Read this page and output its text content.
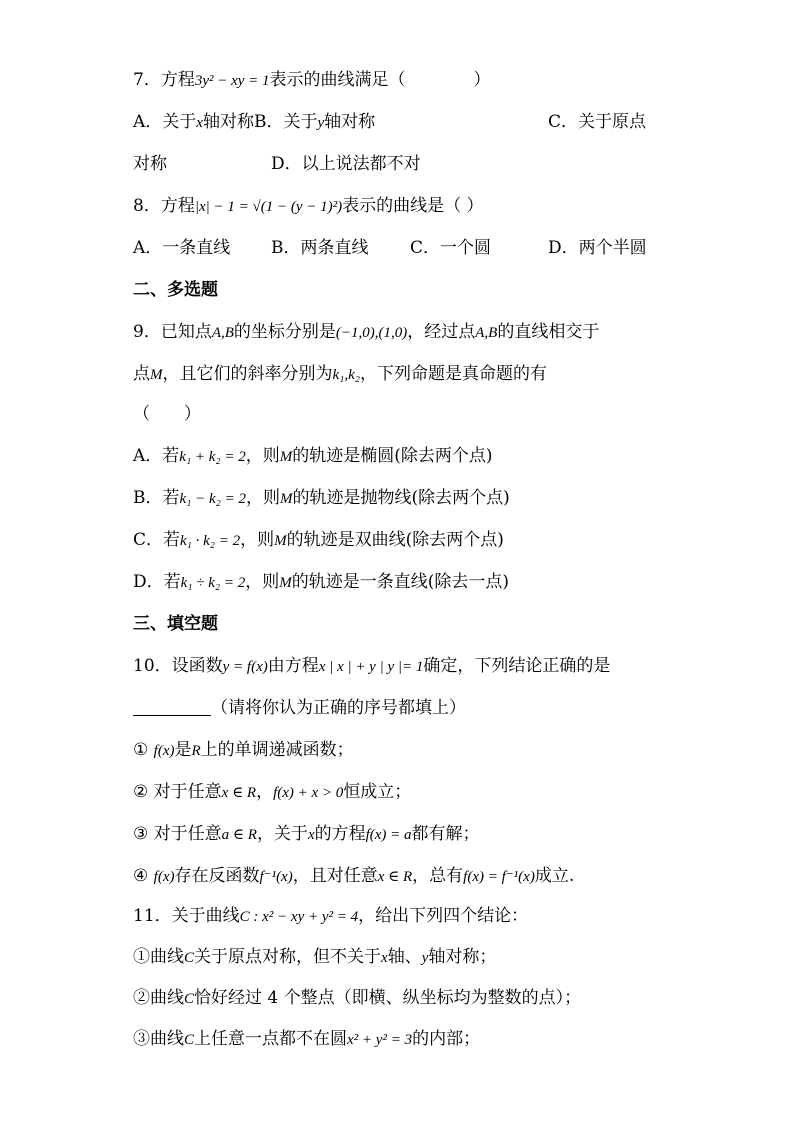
7．方程3y² − xy = 1表示的曲线满足（　　　　）
A．关于x轴对称B．关于y轴对称	C．关于原点
对称	D．以上说法都不对
8．方程|x| − 1 = √(1 − (y − 1)²)表示的曲线是（ ）
A．一条直线 B．两条直线 C．一个圆	D．两个半圆
二、多选题
9．已知点A,B的坐标分别是(−1,0),(1,0)，经过点A,B的直线相交于
点M，且它们的斜率分别为k₁,k₂，下列命题是真命题的有
（　　）
A．若k₁ + k₂ = 2，则M的轨迹是椭圆(除去两个点)
B．若k₁ − k₂ = 2，则M的轨迹是抛物线(除去两个点)
C．若k₁ · k₂ = 2，则M的轨迹是双曲线(除去两个点)
D．若k₁ ÷ k₂ = 2，则M的轨迹是一条直线(除去一点)
三、填空题
10．设函数y = f(x)由方程x | x | + y | y |= 1确定，下列结论正确的是
（请将你认为正确的序号都填上）
① f(x)是R上的单调递减函数；
② 对于任意x ∈ R，f(x) + x > 0恒成立；
③ 对于任意a ∈ R，关于x的方程f(x) = a都有解；
④ f(x)存在反函数f⁻¹(x)，且对任意x ∈ R，总有f(x) = f⁻¹(x)成立.
11．关于曲线C : x² − xy + y² = 4，给出下列四个结论：
①曲线C关于原点对称，但不关于x轴、y轴对称；
②曲线C恰好经过 4 个整点（即横、纵坐标均为整数的点）；
③曲线C上任意一点都不在圆x² + y² = 3的内部；
